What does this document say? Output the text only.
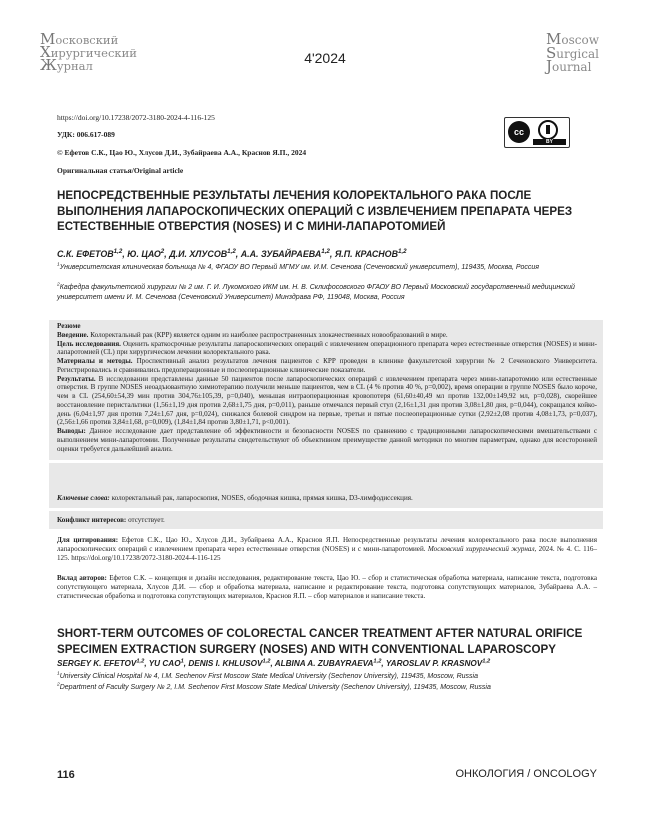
Московский
Хирургический
Журнал	4'2024
Moscow
Surgical
Journal
https://doi.org/10.17238/2072-3180-2024-4-116-125
УДК: 006.617-089
© Ефетов С.К., Цао Ю., Хлусов Д.И., Зубайраева А.А., Краснов Я.П., 2024
Оригинальная статья/Original article
cc
BY
НЕПОСРЕДСТВЕННЫЕ РЕЗУЛЬТАТЫ ЛЕЧЕНИЯ КОЛОРЕКТАЛЬНОГО РАКА ПОСЛЕ ВЫПОЛНЕНИЯ ЛАПАРОСКОПИЧЕСКИХ ОПЕРАЦИЙ С ИЗВЛЕЧЕНИЕМ ПРЕПАРАТА ЧЕРЕЗ ЕСТЕСТВЕННЫЕ ОТВЕРСТИЯ (NOSES) И С МИНИ-ЛАПАРОТОМИЕЙ
С.К. ЕФЕТОВ$^{1,2}$, Ю. ЦАО$^2$, Д.И. ХЛУСОВ$^{1,2}$, А.А. ЗУБАЙРАЕВА$^{1,2}$, Я.П. КРАСНОВ$^{1,2}$
$^1$Университетская клиническая больница № 4, ФГАОУ ВО Первый МГМУ им. И.М. Сеченова (Сеченовский университет), 119435, Москва, Россия
$^2$Кафедра факультетской хирургии № 2 им. Г. И. Лукомского ИКМ им. Н. В. Склифосовского ФГАОУ ВО Первый Московский государственный медицинский университет имени И. М. Сеченова (Сеченовский Университет) Минздрава РФ, 119048, Москва, Россия
Резюме
Введение. Колоректальный рак (КРР) является одним из наиболее распространенных злокачественных новообразований в мире.
Цель исследования. Оценить краткосрочные результаты лапароскопических операций с извлечением операционного препарата через естественные отверстия (NOSES) и мини-лапаротомией (CL) при хирургическом лечении колоректального рака.
Материалы и методы. Проспективный анализ результатов лечения пациентов с КРР проведен в клинике факультетской хирургии № 2 Сеченовского Университета. Регистрировались и сравнивались предоперационные и послеоперационные клинические показатели.
Результаты. В исследовании представлены данные 50 пациентов после лапароскопических операций с извлечением препарата через мини-лапаротомию или естественные отверстия. В группе NOSES неоадъювантную химиотерапию получили меньше пациентов, чем в CL (4 % против 40 %, p=0,002), время операции в группе NOSES было короче, чем в CL (254,60±54,39 мин против 304,76±105,39, p=0,040), меньшая интраоперационная кровопотеря (61,60±40,49 мл против 132,00±149,92 мл, p=0,028), скорейшее восстановление перистальтики (1,56±1,19 дня против 2,68±1,75 дня, p=0,011), раньше отмечался первый стул (2,16±1,31 дня против 3,08±1,80 дня, p=0,044), сокращался койко-день (6,04±1,97 дня против 7,24±1,67 дня, p=0,024), снижался болевой синдром на первые, третьи и пятые послеоперационные сутки (2,92±2,08 против 4,08±1,73, p=0,037), (2,56±1,66 против 3,84±1,68, p=0,009), (1,84±1,84 против 3,80±1,71, p<0,001).
Выводы: Данное исследование дает представление об эффективности и безопасности NOSES по сравнению с традиционными лапароскопическими вмешательствами с выполнением мини-лапаротомии. Полученные результаты свидетельствуют об объективном преимуществе данной методики по многим параметрам, однако для всесторонней оценки требуется дальнейший анализ.
Ключевые слова: колоректальный рак, лапароскопия, NOSES, ободочная кишка, прямая кишка, D3-лимфодиссекция.
Конфликт интересов: отсутствует.
Для цитирования: Ефетов С.К., Цао Ю., Хлусов Д.И., Зубайраева А.А., Краснов Я.П. Непосредственные результаты лечения колоректального рака после выполнения лапароскопических операций с извлечением препарата через естественные отверстия (NOSES) и с мини-лапаротомией. Московский хирургический журнал, 2024. № 4. С. 116–125. https://doi.org/10.17238/2072-3180-2024-4-116-125
Вклад авторов: Ефетов С.К. – концепция и дизайн исследования, редактирование текста, Цао Ю. – сбор и статистическая обработка материала, написание текста, подготовка сопутствующего материала, Хлусов Д.И. — сбор и обработка материала, написание и редактирование текста, подготовка сопутствующих материалов, Зубайраева А.А. – статистическая обработка и подготовка сопутствующих материалов, Краснов Я.П. – сбор материалов и написание текста.
SHORT-TERM OUTCOMES OF COLORECTAL CANCER TREATMENT AFTER NATURAL ORIFICE SPECIMEN EXTRACTION SURGERY (NOSES) AND WITH CONVENTIONAL LAPAROSCOPY
SERGEY K. EFETOV$^{1,2}$, YU CAO$^1$, DENIS I. KHLUSOV$^{1,2}$, ALBINA A. ZUBAYRAEVA$^{1,2}$, YAROSLAV P. KRASNOV$^{1,2}$
$^1$University Clinical Hospital № 4, I.M. Sechenov First Moscow State Medical University (Sechenov University), 119435, Moscow, Russia
$^2$Department of Faculty Surgery № 2, I.M. Sechenov First Moscow State Medical University (Sechenov University), 119435, Moscow, Russia
116	ОНКОЛОГИЯ / ONCOLOGY
